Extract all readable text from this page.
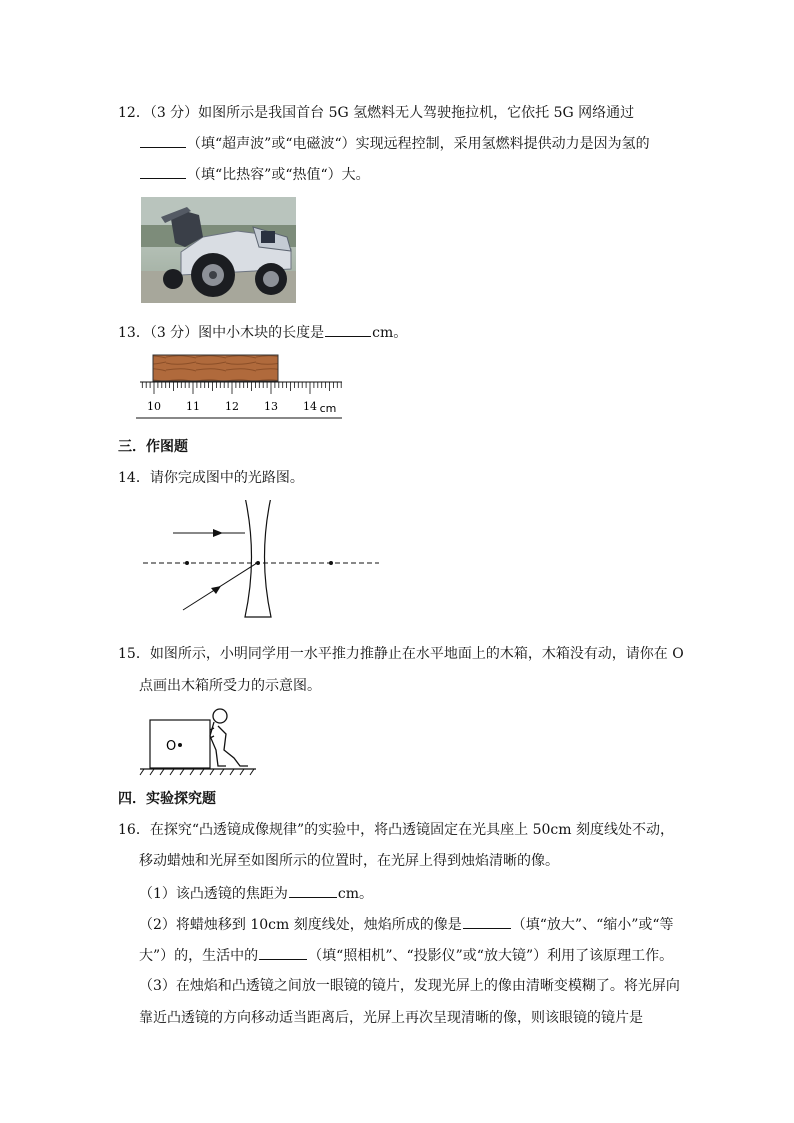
12．（3 分）如图所示是我国首台 5G 氢燃料无人驾驶拖拉机，它依托 5G 网络通过
（填“超声波”或“电磁波“）实现远程控制，采用氢燃料提供动力是因为氢的
（填“比热容”或“热值“）大。
13．（3 分）图中小木块的长度是	cm。
10 11 12 13 14 cm
三．作图题
14．请你完成图中的光路图。
15．如图所示，小明同学用一水平推力推静止在水平地面上的木箱，木箱没有动，请你在 O
点画出木箱所受力的示意图。
O
四．实验探究题
16．在探究“凸透镜成像规律”的实验中，将凸透镜固定在光具座上 50cm 刻度线处不动，
移动蜡烛和光屏至如图所示的位置时，在光屏上得到烛焰清晰的像。
（1）该凸透镜的焦距为	cm。
（2）将蜡烛移到 10cm 刻度线处，烛焰所成的像是	（填“放大”、“缩小”或“等
大”）的，生活中的	（填“照相机”、“投影仪”或“放大镜”）利用了该原理工作。
（3）在烛焰和凸透镜之间放一眼镜的镜片，发现光屏上的像由清晰变模糊了。将光屏向
靠近凸透镜的方向移动适当距离后，光屏上再次呈现清晰的像，则该眼镜的镜片是
